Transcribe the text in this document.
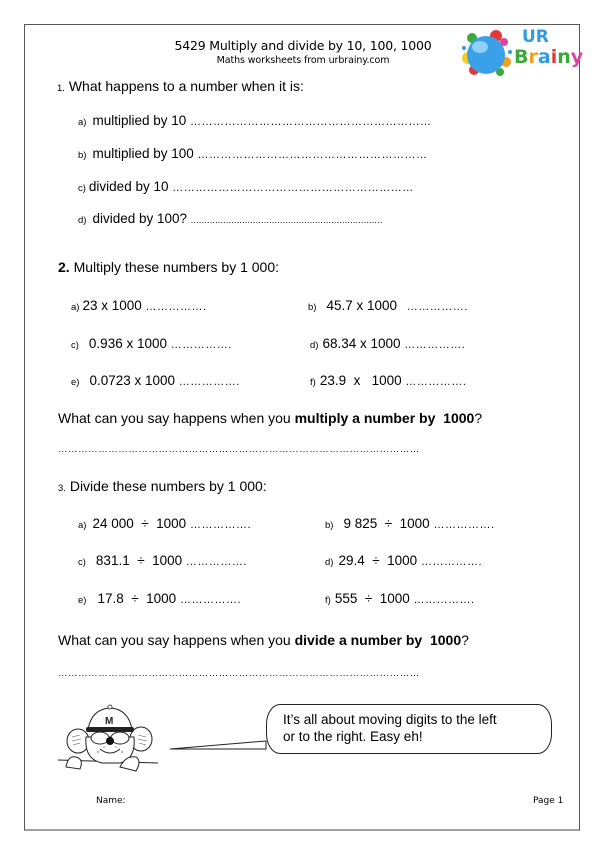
5429 Multiply and divide by 10, 100, 1000
Maths worksheets from urbrainy.com
UR
Brainy
1. What happens to a number when it is:
a) multiplied by 10 ………………………………………………………
b) multiplied by 100 ……………………………………………………
c) divided by 10 ………………………………………………………
d) divided by 100? .......................................................................
2. Multiply these numbers by 1 000:
a) 23 x 1000 …………….	b) 45.7 x 1000 …………….
c) 0.936 x 1000 …………….	d) 68.34 x 1000 …………….
e) 0.0723 x 1000 …………….	f) 23.9  x   1000 …………….
What can you say happens when you multiply a number by  1000?
………………………………………………………………………………………………
3. Divide these numbers by 1 000:
a) 24 000  ÷  1000 …………….	b) 9 825  ÷  1000 …………….
c) 831.1  ÷  1000 …………….	d) 29.4  ÷  1000 …………….
e) 17.8  ÷  1000 …………….	f) 555  ÷  1000 …………….
What can you say happens when you divide a number by  1000?
………………………………………………………………………………………………
M	It’s all about moving digits to the left
or to the right. Easy eh!
Name:	Page 1
